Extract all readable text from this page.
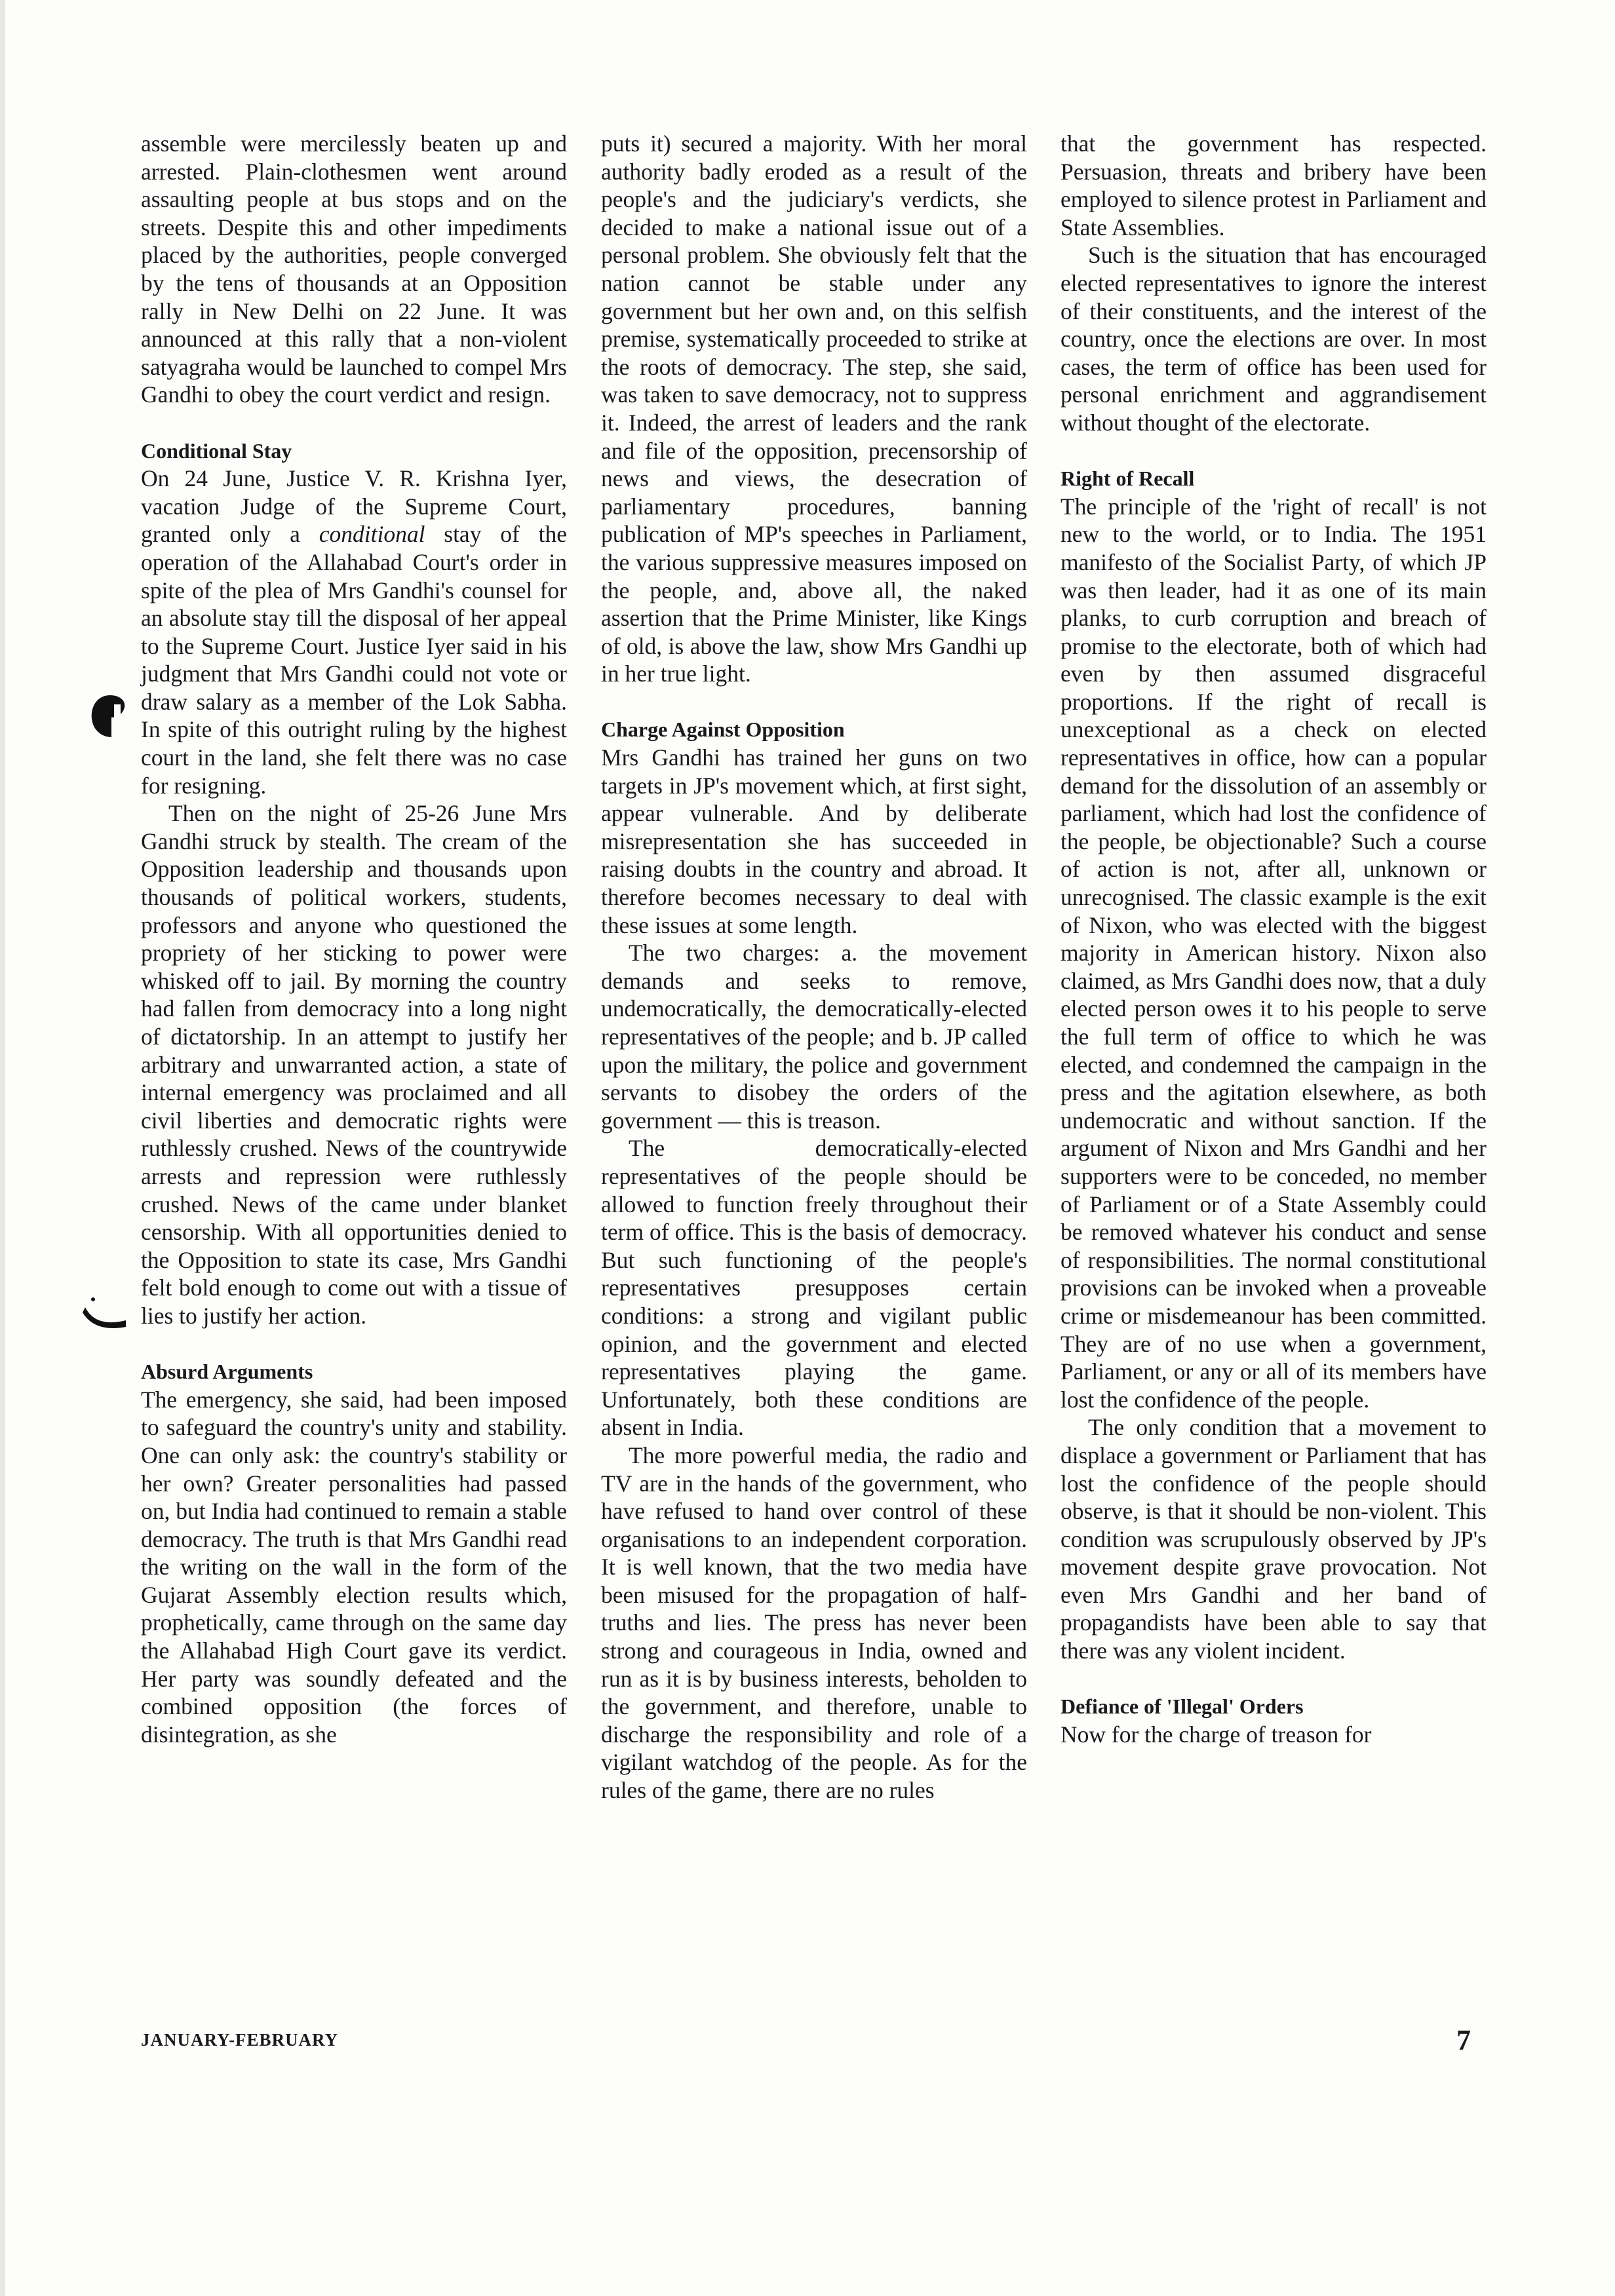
assemble were mercilessly beaten up and arrested. Plain-clothesmen went around assaulting people at bus stops and on the streets. Despite this and other impediments placed by the authorities, people converged by the tens of thousands at an Opposition rally in New Delhi on 22 June. It was announced at this rally that a non-violent satyagraha would be launched to compel Mrs Gandhi to obey the court verdict and resign.

Conditional Stay

On 24 June, Justice V. R. Krishna Iyer, vacation Judge of the Supreme Court, granted only a conditional stay of the operation of the Allahabad Court's order in spite of the plea of Mrs Gandhi's counsel for an absolute stay till the disposal of her appeal to the Supreme Court. Justice Iyer said in his judgment that Mrs Gandhi could not vote or draw salary as a member of the Lok Sabha. In spite of this outright ruling by the highest court in the land, she felt there was no case for resigning.

Then on the night of 25-26 June Mrs Gandhi struck by stealth. The cream of the Opposition leadership and thousands upon thousands of political workers, students, professors and anyone who questioned the propriety of her sticking to power were whisked off to jail. By morning the country had fallen from democracy into a long night of dictatorship. In an attempt to justify her arbitrary and unwarranted action, a state of internal emergency was proclaimed and all civil liberties and democratic rights were ruthlessly crushed. News of the countrywide arrests and repression were ruthlessly crushed. News of the came under blanket censorship. With all opportunities denied to the Opposition to state its case, Mrs Gandhi felt bold enough to come out with a tissue of lies to justify her action.

Absurd Arguments

The emergency, she said, had been imposed to safeguard the country's unity and stability. One can only ask: the country's stability or her own? Greater personalities had passed on, but India had continued to remain a stable democracy. The truth is that Mrs Gandhi read the writing on the wall in the form of the Gujarat Assembly election results which, prophetically, came through on the same day the Allahabad High Court gave its verdict. Her party was soundly defeated and the combined opposition (the forces of disintegration, as she

puts it) secured a majority. With her moral authority badly eroded as a result of the people's and the judiciary's verdicts, she decided to make a national issue out of a personal problem. She obviously felt that the nation cannot be stable under any government but her own and, on this selfish premise, systematically proceeded to strike at the roots of democracy. The step, she said, was taken to save democracy, not to suppress it. Indeed, the arrest of leaders and the rank and file of the opposition, precensorship of news and views, the desecration of parliamentary procedures, banning publication of MP's speeches in Parliament, the various suppressive measures imposed on the people, and, above all, the naked assertion that the Prime Minister, like Kings of old, is above the law, show Mrs Gandhi up in her true light.

Charge Against Opposition

Mrs Gandhi has trained her guns on two targets in JP's movement which, at first sight, appear vulnerable. And by deliberate misrepresentation she has succeeded in raising doubts in the country and abroad. It therefore becomes necessary to deal with these issues at some length.

The two charges: a. the movement demands and seeks to remove, undemocratically, the democratically-elected representatives of the people; and b. JP called upon the military, the police and government servants to disobey the orders of the government — this is treason.

The democratically-elected representatives of the people should be allowed to function freely throughout their term of office. This is the basis of democracy. But such functioning of the people's representatives presupposes certain conditions: a strong and vigilant public opinion, and the government and elected representatives playing the game. Unfortunately, both these conditions are absent in India.

The more powerful media, the radio and TV are in the hands of the government, who have refused to hand over control of these organisations to an independent corporation. It is well known, that the two media have been misused for the propagation of half-truths and lies. The press has never been strong and courageous in India, owned and run as it is by business interests, beholden to the government, and therefore, unable to discharge the responsibility and role of a vigilant watchdog of the people. As for the rules of the game, there are no rules

that the government has respected. Persuasion, threats and bribery have been employed to silence protest in Parliament and State Assemblies.

Such is the situation that has encouraged elected representatives to ignore the interest of their constituents, and the interest of the country, once the elections are over. In most cases, the term of office has been used for personal enrichment and aggrandisement without thought of the electorate.

Right of Recall

The principle of the 'right of recall' is not new to the world, or to India. The 1951 manifesto of the Socialist Party, of which JP was then leader, had it as one of its main planks, to curb corruption and breach of promise to the electorate, both of which had even by then assumed disgraceful proportions. If the right of recall is unexceptional as a check on elected representatives in office, how can a popular demand for the dissolution of an assembly or parliament, which had lost the confidence of the people, be objectionable? Such a course of action is not, after all, unknown or unrecognised. The classic example is the exit of Nixon, who was elected with the biggest majority in American history. Nixon also claimed, as Mrs Gandhi does now, that a duly elected person owes it to his people to serve the full term of office to which he was elected, and condemned the campaign in the press and the agitation elsewhere, as both undemocratic and without sanction. If the argument of Nixon and Mrs Gandhi and her supporters were to be conceded, no member of Parliament or of a State Assembly could be removed whatever his conduct and sense of responsibilities. The normal constitutional provisions can be invoked when a proveable crime or misdemeanour has been committed. They are of no use when a government, Parliament, or any or all of its members have lost the confidence of the people.

The only condition that a movement to displace a government or Parliament that has lost the confidence of the people should observe, is that it should be non-violent. This condition was scrupulously observed by JP's movement despite grave provocation. Not even Mrs Gandhi and her band of propagandists have been able to say that there was any violent incident.

Defiance of 'Illegal' Orders

Now for the charge of treason for

JANUARY-FEBRUARY	7
